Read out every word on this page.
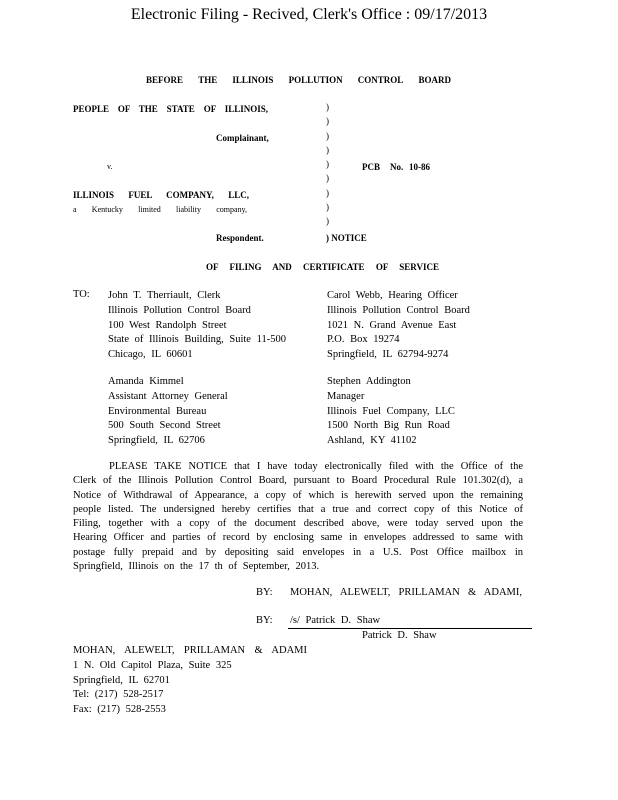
Electronic Filing - Recived, Clerk's Office : 09/17/2013
BEFORE THE ILLINOIS POLLUTION CONTROL BOARD
PEOPLE OF THE STATE OF ILLINOIS,
Complainant,
v.
ILLINOIS FUEL COMPANY, LLC,
a Kentucky limited liability company,
Respondent.
)
)
)
)
)
)
)
)
)
) NOTICE
PCB No. 10-86
OF FILING AND CERTIFICATE OF SERVICE
TO: John T. Therriault, Clerk
Illinois Pollution Control Board
100 West Randolph Street
State of Illinois Building, Suite 11-500
Chicago, IL 60601
Carol Webb, Hearing Officer
Illinois Pollution Control Board
1021 N. Grand Avenue East
P.O. Box 19274
Springfield, IL 62794-9274
Amanda Kimmel
Assistant Attorney General
Environmental Bureau
500 South Second Street
Springfield, IL 62706
Stephen Addington
Manager
Illinois Fuel Company, LLC
1500 North Big Run Road
Ashland, KY 41102
PLEASE TAKE NOTICE that I have today electronically filed with the Office of the
Clerk of the Illinois Pollution Control Board, pursuant to Board Procedural Rule 101.302(d), a
Notice of Withdrawal of Appearance, a copy of which is herewith served upon the remaining
people listed. The undersigned hereby certifies that a true and correct copy of this Notice of
Filing, together with a copy of the document described above, were today served upon the
Hearing Officer and parties of record by enclosing same in envelopes addressed to same with
postage fully prepaid and by depositing said envelopes in a U.S. Post Office mailbox in
Springfield, Illinois on the 17 th of September, 2013.
BY: MOHAN, ALEWELT, PRILLAMAN & ADAMI,
BY: /s/ Patrick D. Shaw
Patrick D. Shaw
MOHAN, ALEWELT, PRILLAMAN & ADAMI
1 N. Old Capitol Plaza, Suite 325
Springfield, IL 62701
Tel: (217) 528-2517
Fax: (217) 528-2553
